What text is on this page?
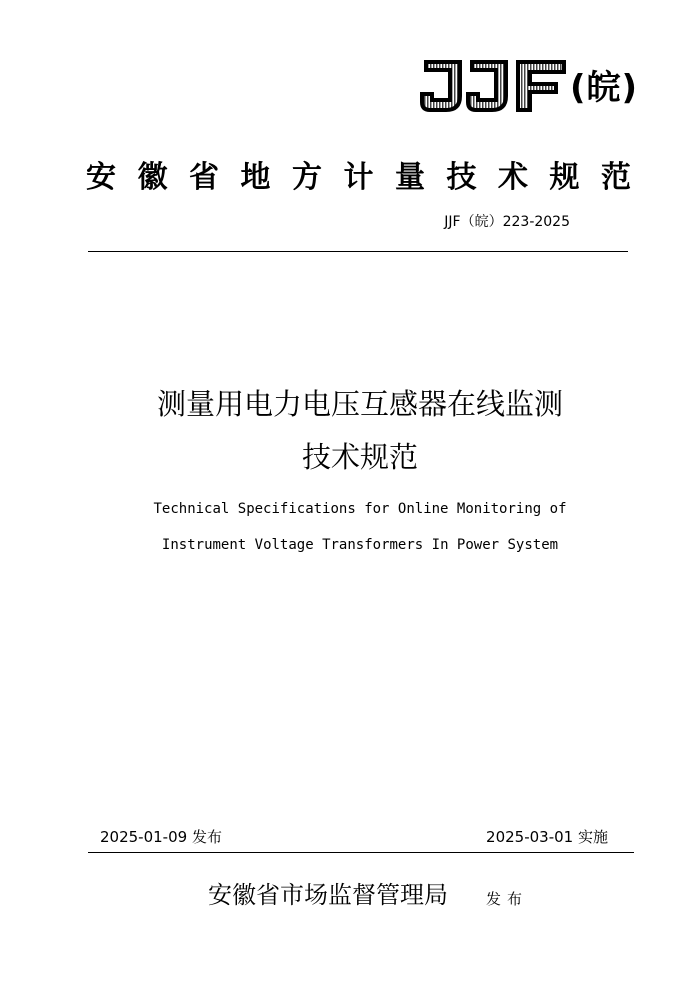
(皖)
安 徽 省 地 方 计 量 技 术 规 范
JJF（皖）223-2025
测量用电力电压互感器在线监测
技术规范
Technical Specifications for Online Monitoring of
Instrument Voltage Transformers In Power System
2025-01-09 发布	2025-03-01 实施
安徽省市场监督管理局	发布
